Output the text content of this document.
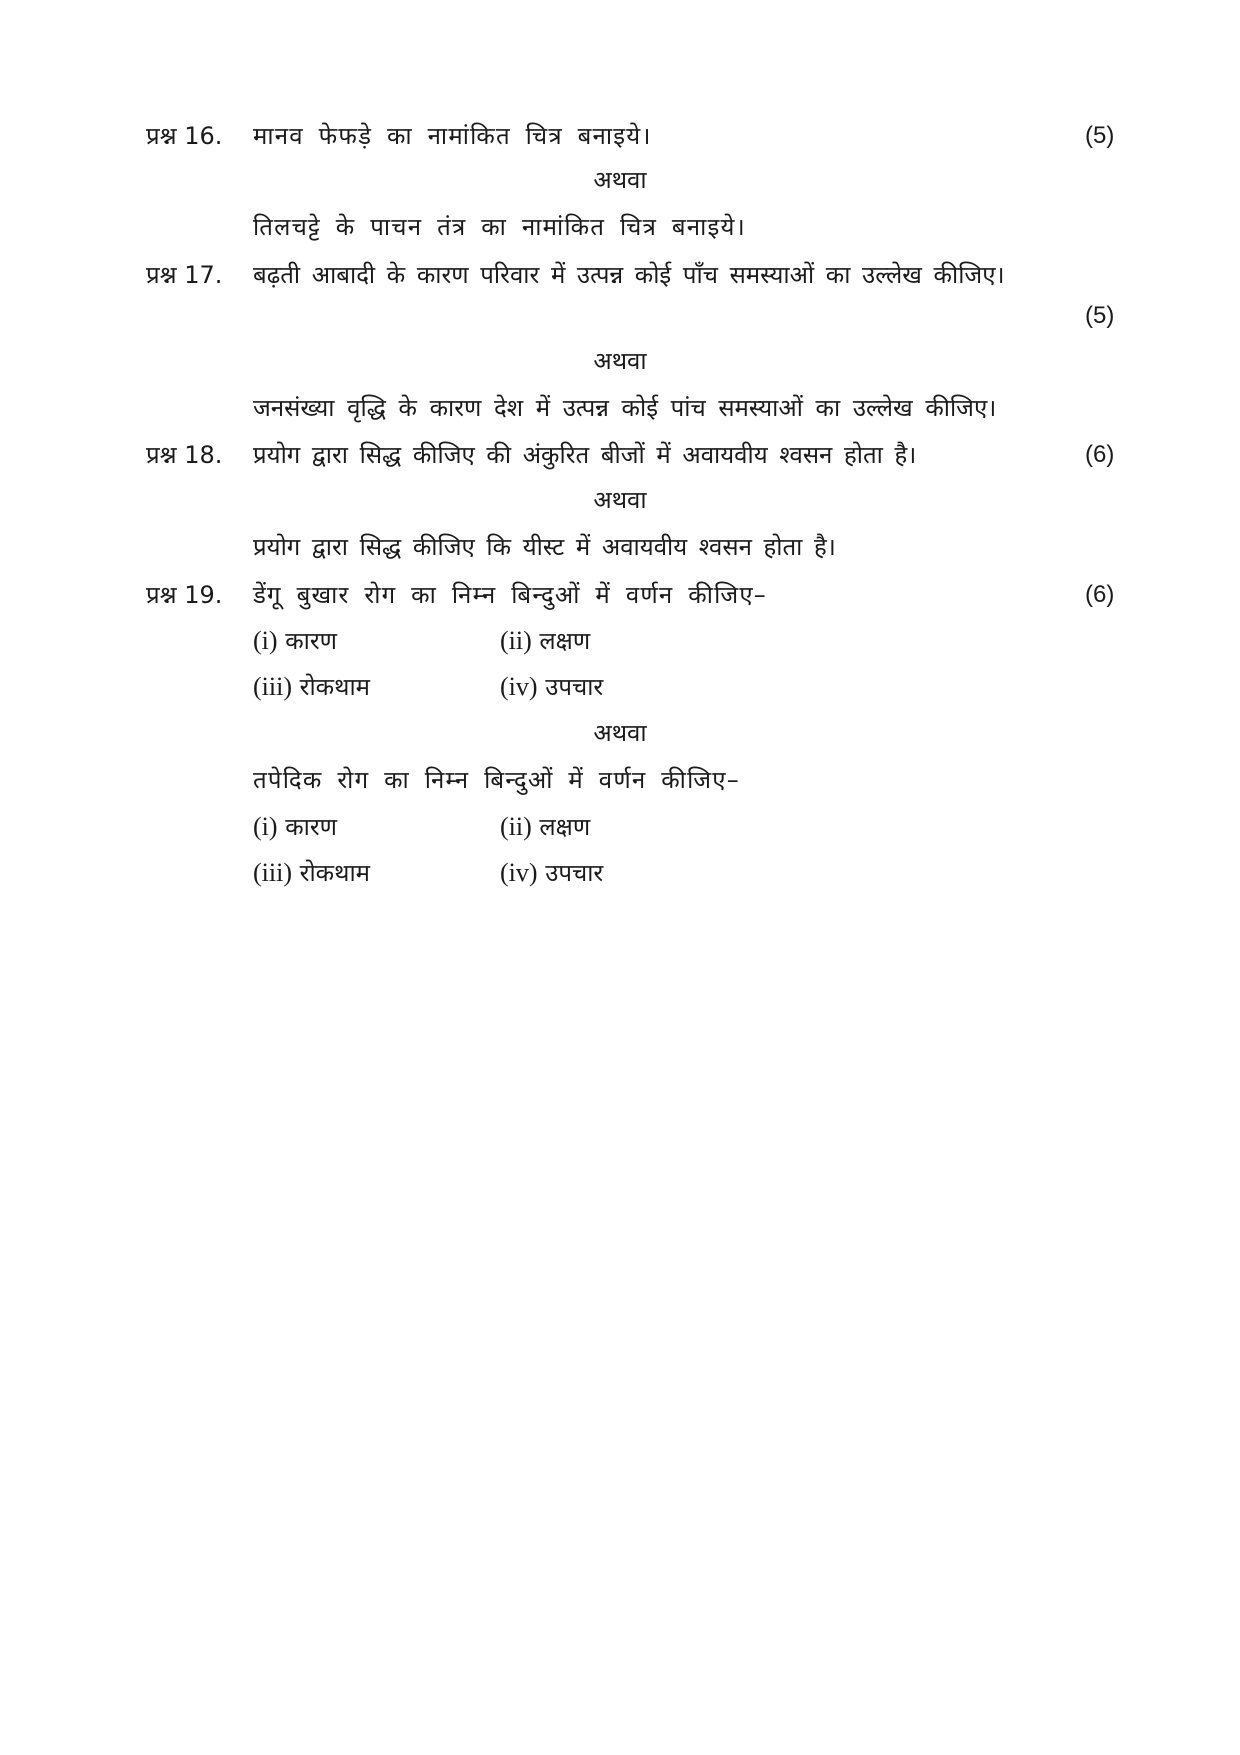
प्रश्न 16. मानव फेफड़े का नामांकित चित्र बनाइये।	(5)
अथवा
तिलचट्टे के पाचन तंत्र का नामांकित चित्र बनाइये।
प्रश्न 17. बढ़ती आबादी के कारण परिवार में उत्पन्न कोई पाँच समस्याओं का उल्लेख कीजिए।
(5)
अथवा
जनसंख्या वृद्धि के कारण देश में उत्पन्न कोई पांच समस्याओं का उल्लेख कीजिए।
प्रश्न 18. प्रयोग द्वारा सिद्ध कीजिए की अंकुरित बीजों में अवायवीय श्वसन होता है।	(6)
अथवा
प्रयोग द्वारा सिद्ध कीजिए कि यीस्ट में अवायवीय श्वसन होता है।
प्रश्न 19. डेंगू बुखार रोग का निम्न बिन्दुओं में वर्णन कीजिए–	(6)
(i) कारण	(ii) लक्षण
(iii) रोकथाम	(iv) उपचार
अथवा
तपेदिक रोग का निम्न बिन्दुओं में वर्णन कीजिए–
(i) कारण	(ii) लक्षण
(iii) रोकथाम	(iv) उपचार
